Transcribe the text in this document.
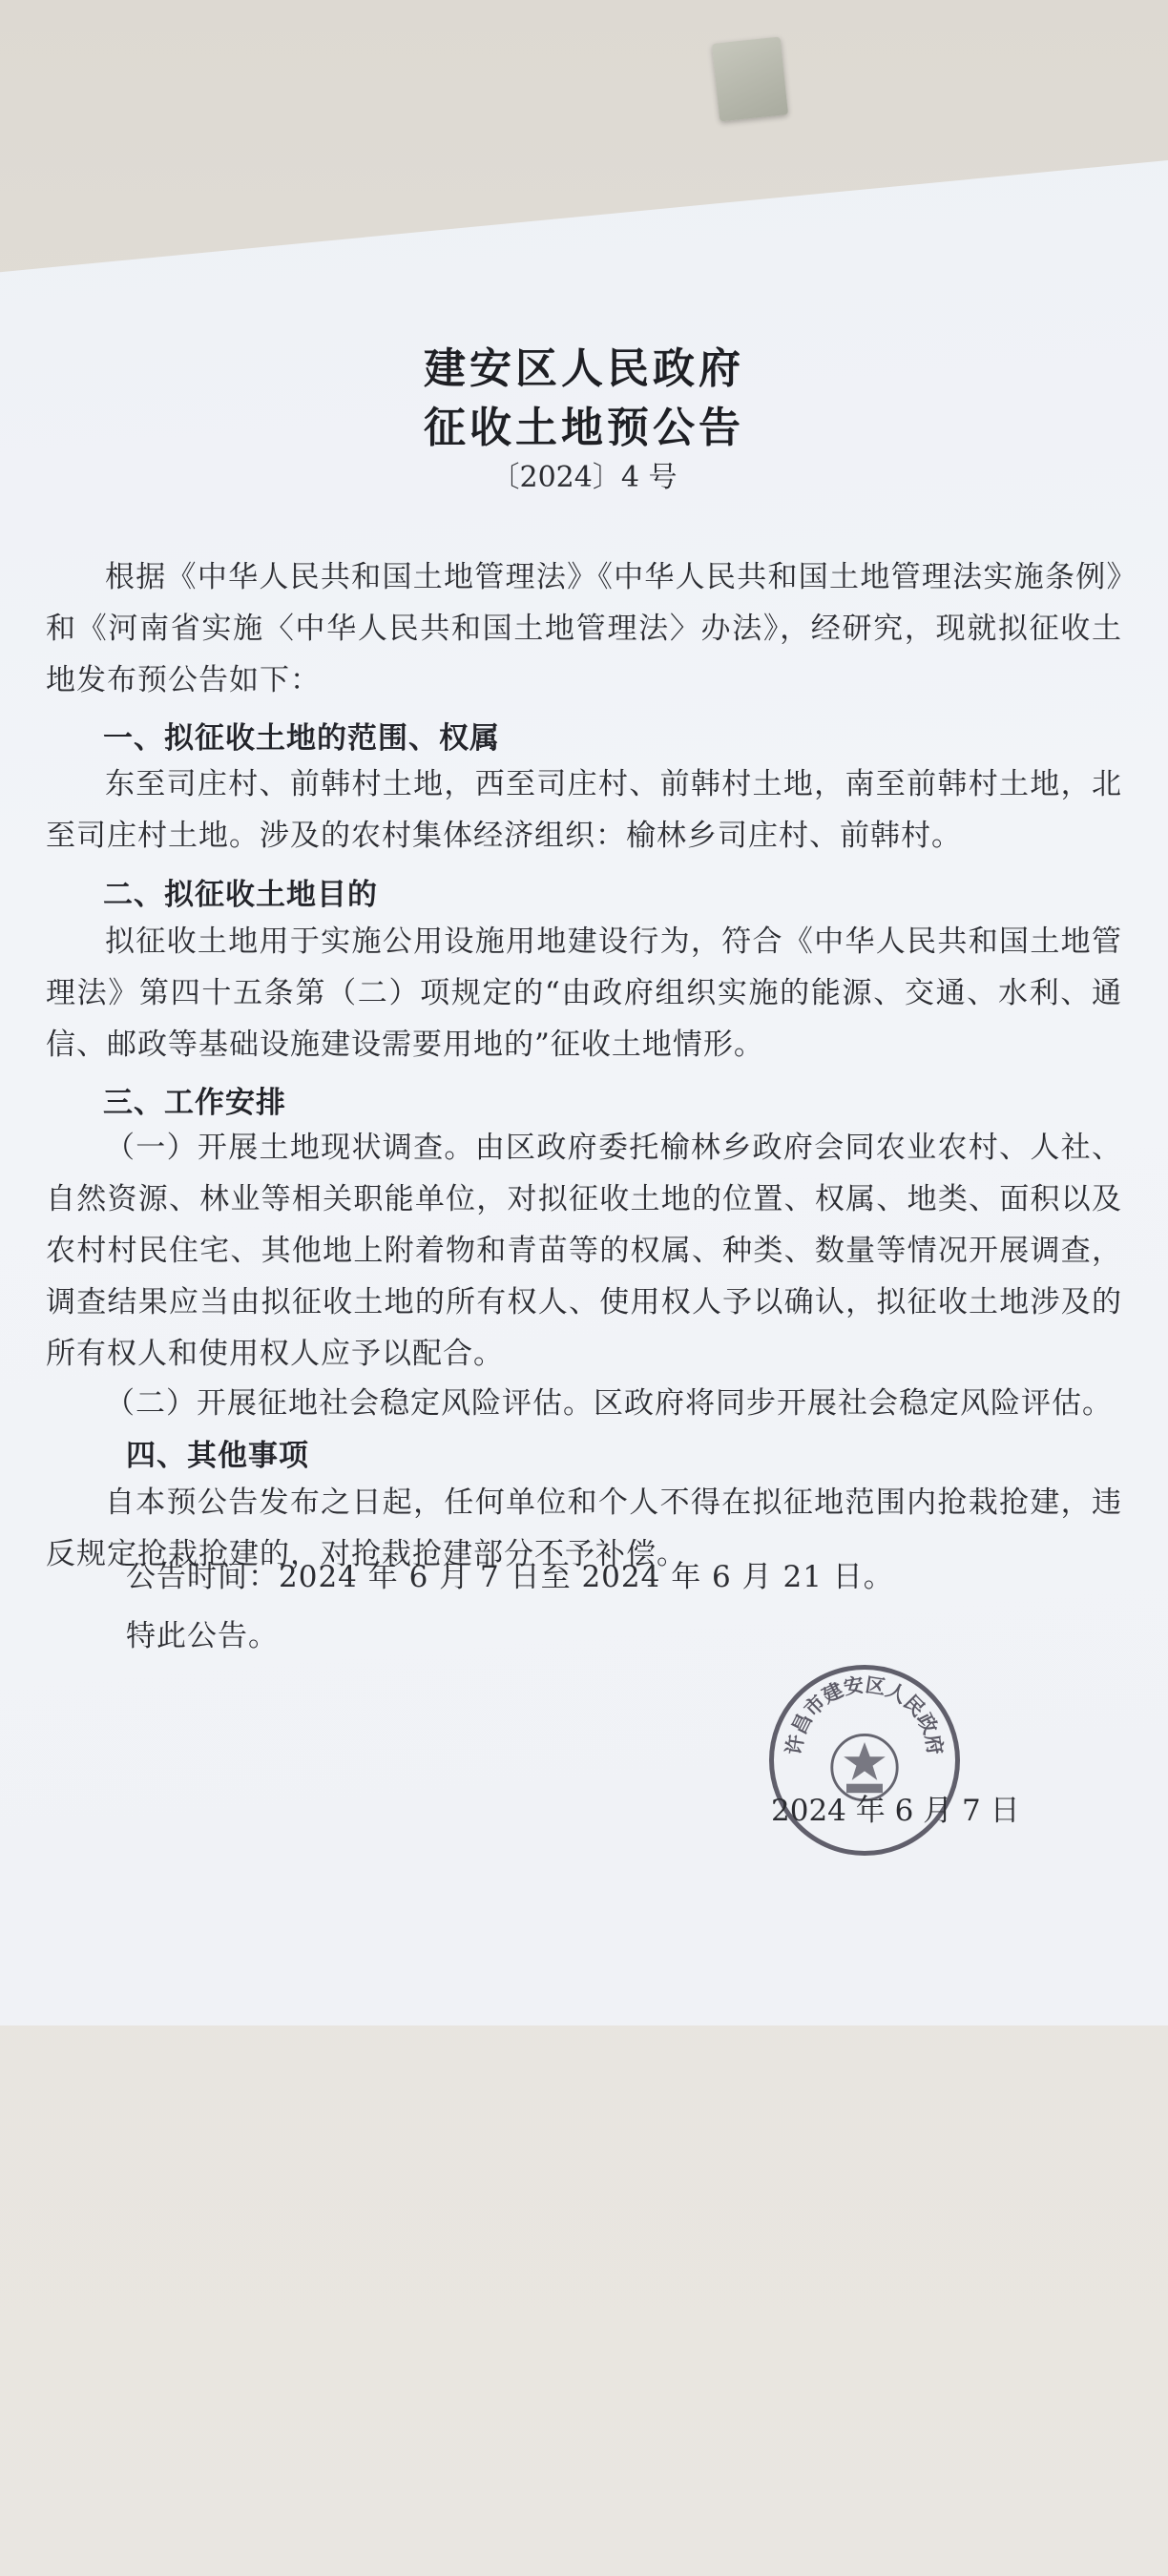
建安区人民政府
征收土地预公告
〔2024〕4 号
根据《中华人民共和国土地管理法》《中华人民共和国土地管理法实施条例》和《河南省实施〈中华人民共和国土地管理法〉办法》，经研究，现就拟征收土地发布预公告如下：
一、拟征收土地的范围、权属
东至司庄村、前韩村土地，西至司庄村、前韩村土地，南至前韩村土地，北至司庄村土地。涉及的农村集体经济组织：榆林乡司庄村、前韩村。
二、拟征收土地目的
拟征收土地用于实施公用设施用地建设行为，符合《中华人民共和国土地管理法》第四十五条第（二）项规定的“由政府组织实施的能源、交通、水利、通信、邮政等基础设施建设需要用地的”征收土地情形。
三、工作安排
（一）开展土地现状调查。由区政府委托榆林乡政府会同农业农村、人社、自然资源、林业等相关职能单位，对拟征收土地的位置、权属、地类、面积以及农村村民住宅、其他地上附着物和青苗等的权属、种类、数量等情况开展调查，调查结果应当由拟征收土地的所有权人、使用权人予以确认，拟征收土地涉及的所有权人和使用权人应予以配合。
（二）开展征地社会稳定风险评估。区政府将同步开展社会稳定风险评估。
四、其他事项
自本预公告发布之日起，任何单位和个人不得在拟征地范围内抢栽抢建，违反规定抢栽抢建的，对抢栽抢建部分不予补偿。
公告时间：2024 年 6 月 7 日至 2024 年 6 月 21 日。
特此公告。
许昌市建安区人民政府
2024 年 6 月 7 日
